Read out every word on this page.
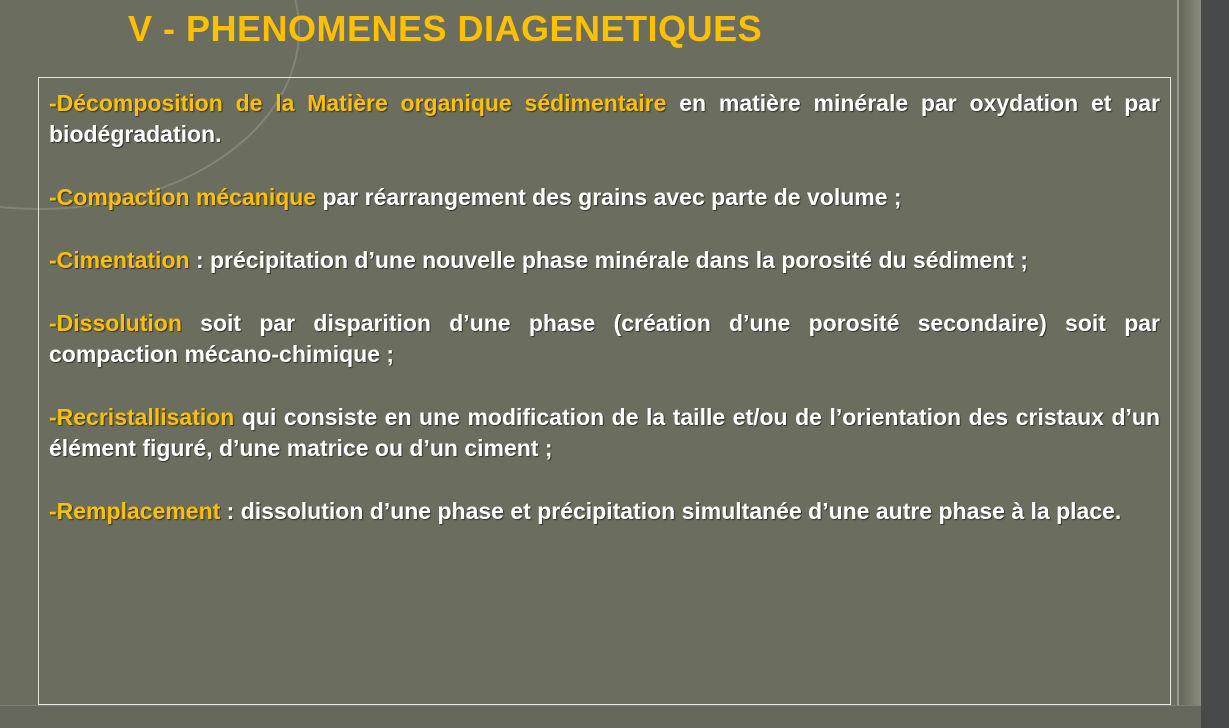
V - PHENOMENES DIAGENETIQUES

-Décomposition de la Matière organique sédimentaire en matière minérale par oxydation et par biodégradation.

-Compaction mécanique par réarrangement des grains avec parte de volume ;

-Cimentation : précipitation d’une nouvelle phase minérale dans la porosité du sédiment ;

-Dissolution soit par disparition d’une phase (création d’une porosité secondaire) soit par compaction mécano-chimique ;

-Recristallisation qui consiste en une modification de la taille et/ou de l’orientation des cristaux d’un élément figuré, d’une matrice ou d’un ciment ;

-Remplacement : dissolution d’une phase et précipitation simultanée d’une autre phase à la place.
